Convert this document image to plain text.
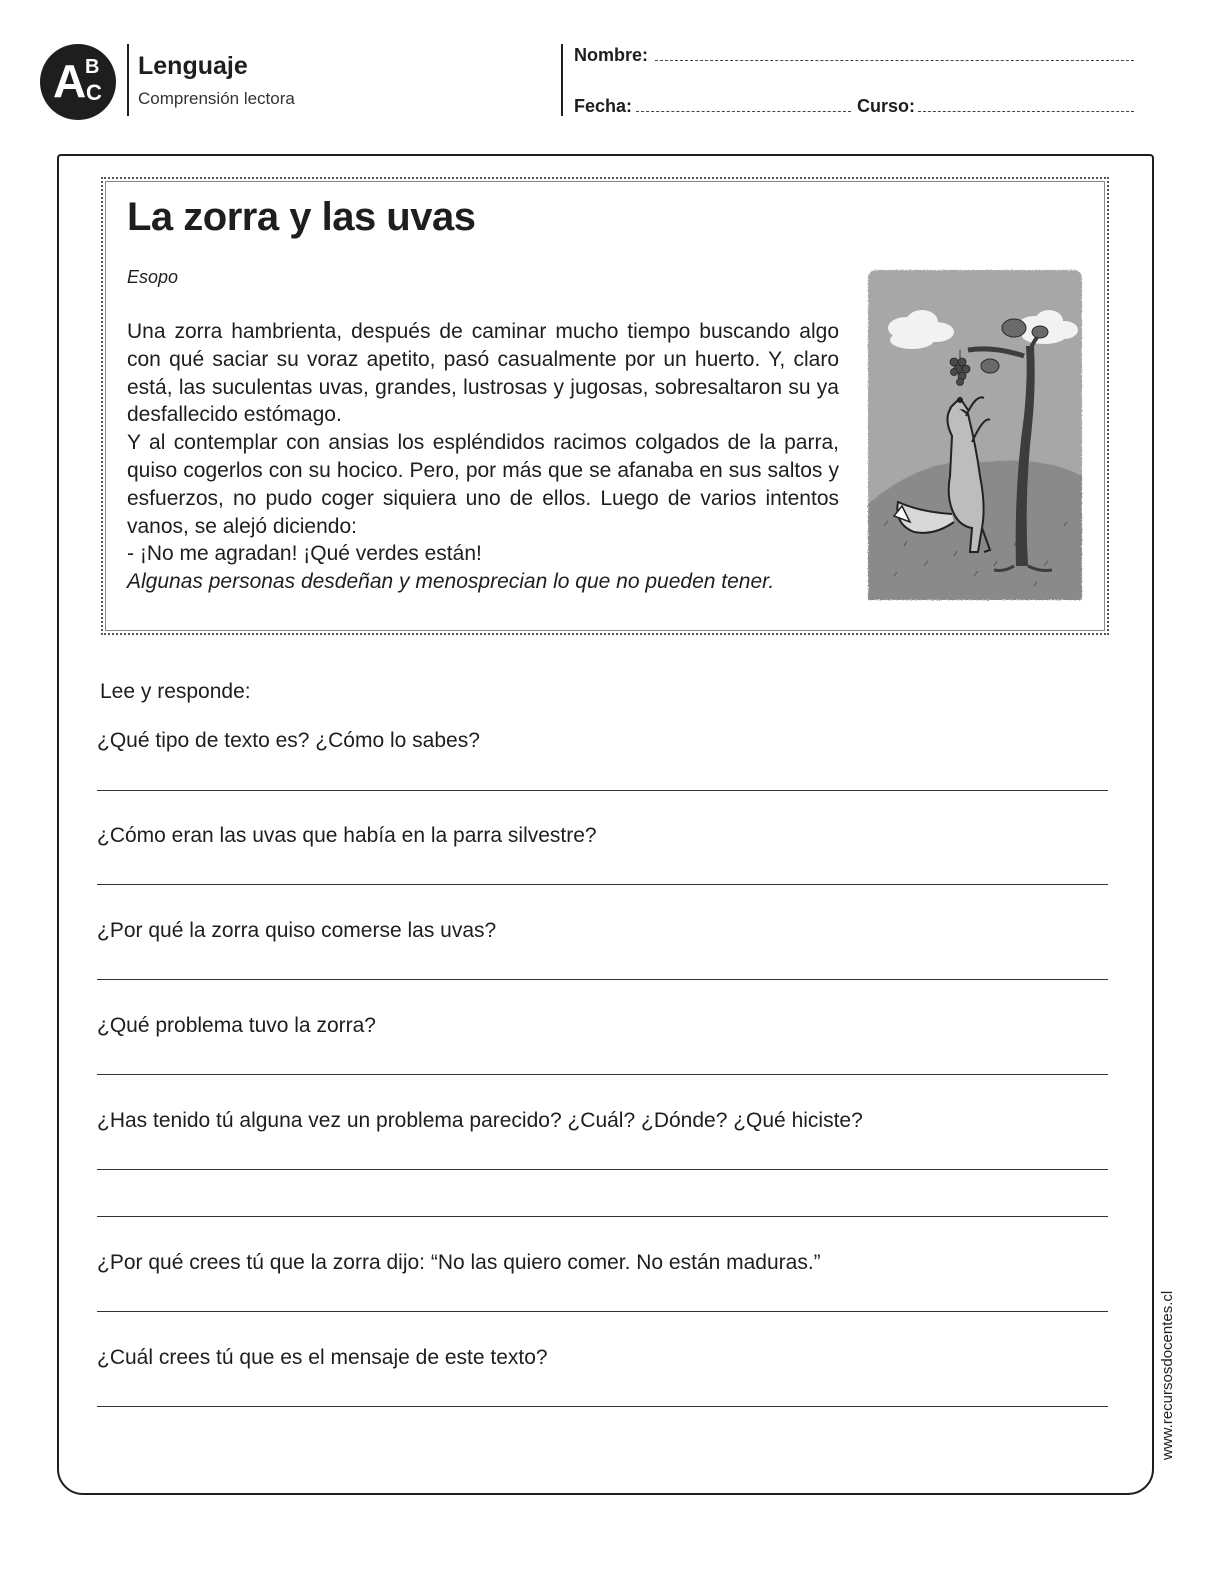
A
B
C
Lenguaje
Comprensión lectora
Nombre:
Fecha:	Curso:
La zorra y las uvas
Esopo

Una zorra hambrienta, después de caminar mucho tiempo buscando algo con qué saciar su voraz apetito, pasó casualmente por un huerto. Y, claro está, las suculentas uvas, grandes, lustrosas y jugosas, sobresaltaron su ya desfallecido estómago.

Y al contemplar con ansias los espléndidos racimos colgados de la parra, quiso cogerlos con su hocico. Pero, por más que se afanaba en sus saltos y esfuerzos, no pudo coger siquiera uno de ellos. Luego de varios intentos vanos, se alejó diciendo:

- ¡No me agradan! ¡Qué verdes están!

Algunas personas desdeñan y menosprecian lo que no pueden tener.

Lee y responde:
¿Qué tipo de texto es? ¿Cómo lo sabes?
¿Cómo eran las uvas que había en la parra silvestre?
¿Por qué la zorra quiso comerse las uvas?
¿Qué problema tuvo la zorra?
¿Has tenido tú alguna vez un problema parecido? ¿Cuál? ¿Dónde? ¿Qué hiciste?
¿Por qué crees tú que la zorra dijo: “No las quiero comer. No están maduras.”
¿Cuál crees tú que es el mensaje de este texto?	www.recursosdocentes.cl
